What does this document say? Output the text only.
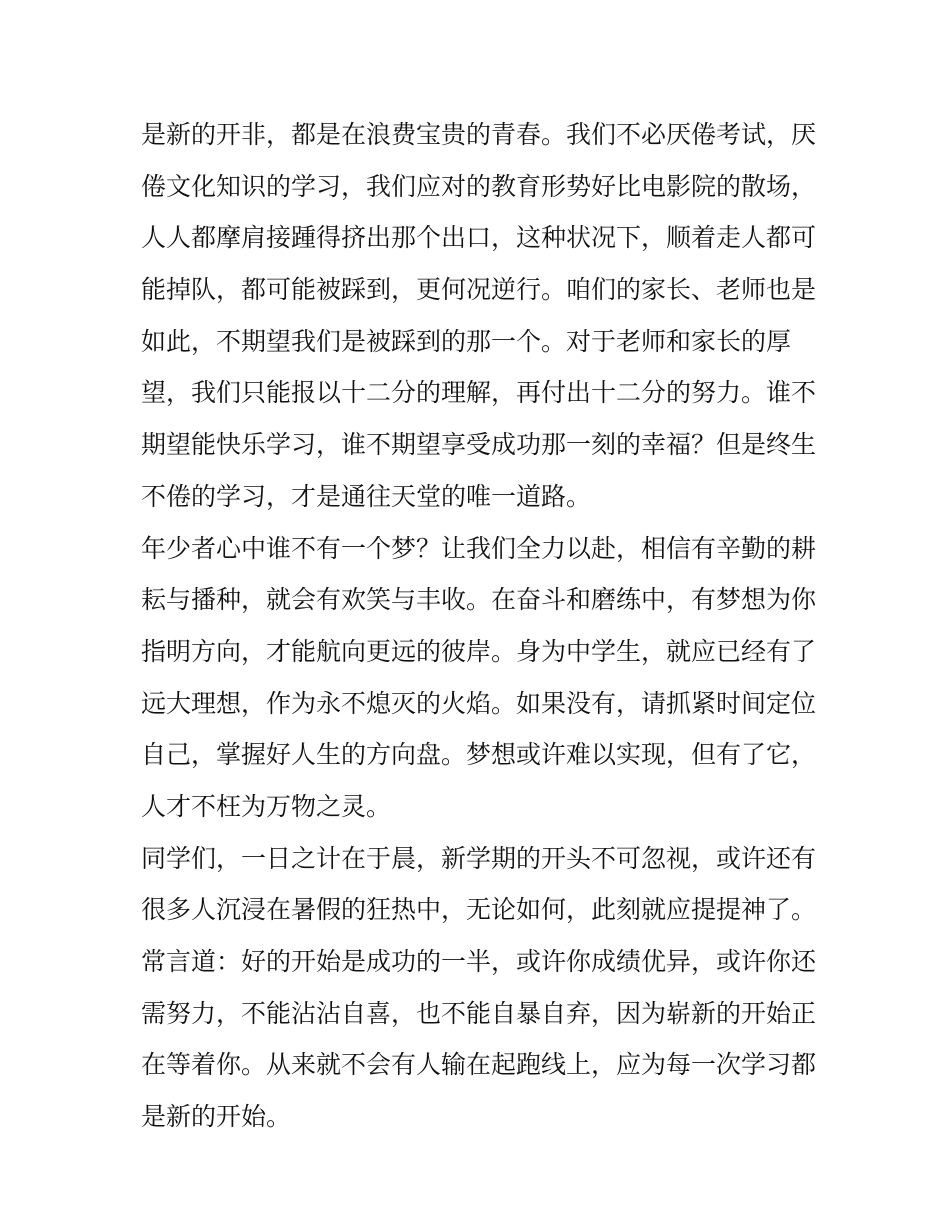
是新的开非，都是在浪费宝贵的青春。我们不必厌倦考试，厌

倦文化知识的学习，我们应对的教育形势好比电影院的散场，

人人都摩肩接踵得挤出那个出口，这种状况下，顺着走人都可

能掉队，都可能被踩到，更何况逆行。咱们的家长、老师也是

如此，不期望我们是被踩到的那一个。对于老师和家长的厚

望，我们只能报以十二分的理解，再付出十二分的努力。谁不

期望能快乐学习，谁不期望享受成功那一刻的幸福？但是终生

不倦的学习，才是通往天堂的唯一道路。

年少者心中谁不有一个梦？让我们全力以赴，相信有辛勤的耕

耘与播种，就会有欢笑与丰收。在奋斗和磨练中，有梦想为你

指明方向，才能航向更远的彼岸。身为中学生，就应已经有了

远大理想，作为永不熄灭的火焰。如果没有，请抓紧时间定位

自己，掌握好人生的方向盘。梦想或许难以实现，但有了它，

人才不枉为万物之灵。

同学们，一日之计在于晨，新学期的开头不可忽视，或许还有

很多人沉浸在暑假的狂热中，无论如何，此刻就应提提神了。

常言道：好的开始是成功的一半，或许你成绩优异，或许你还

需努力，不能沾沾自喜，也不能自暴自弃，因为崭新的开始正

在等着你。从来就不会有人输在起跑线上，应为每一次学习都

是新的开始。
